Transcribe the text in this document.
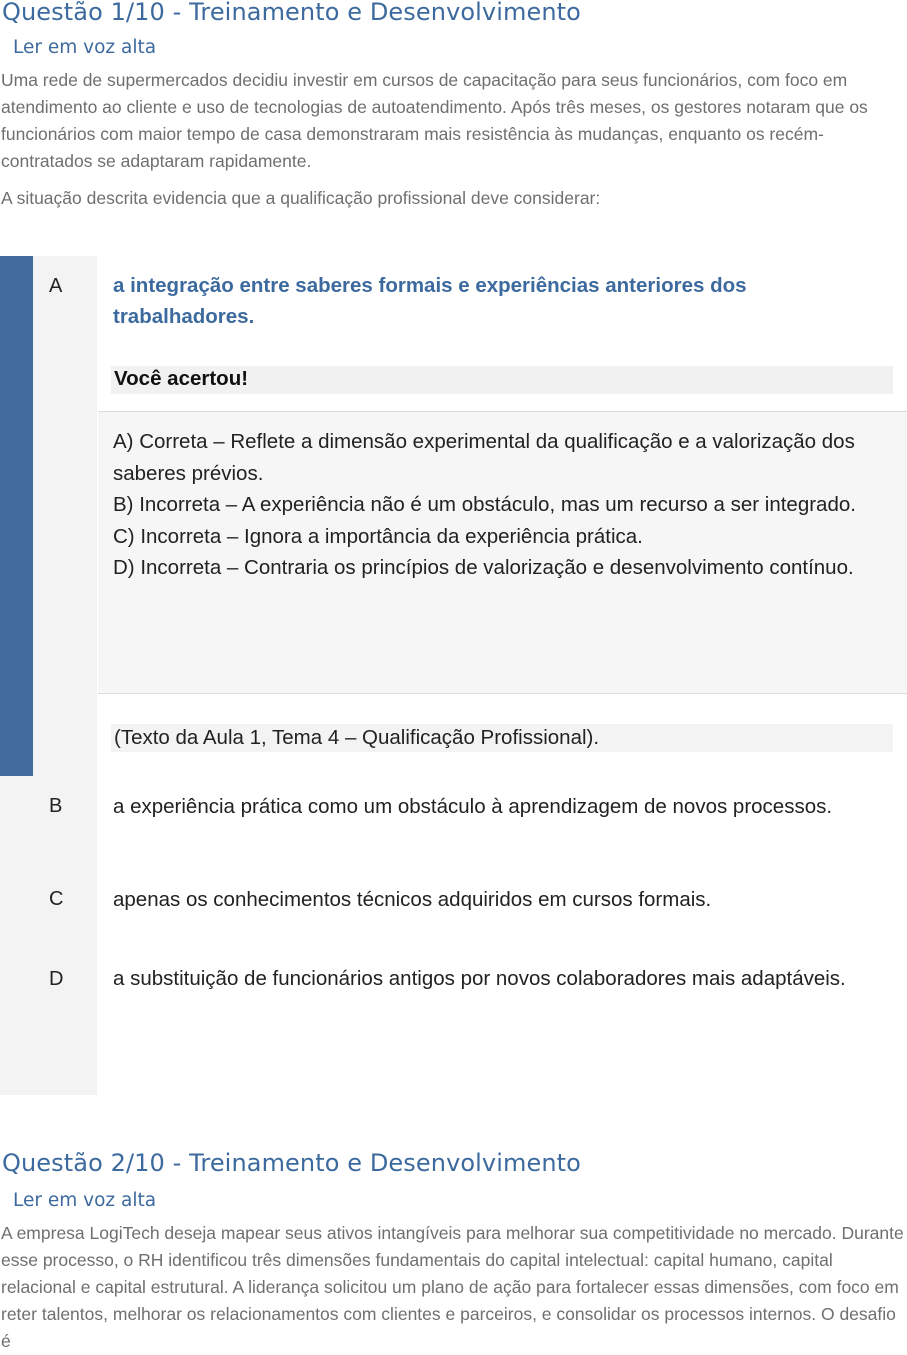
Questão 1/10 - Treinamento e Desenvolvimento
Ler em voz alta

Uma rede de supermercados decidiu investir em cursos de capacitação para seus funcionários, com foco em atendimento ao cliente e uso de tecnologias de autoatendimento. Após três meses, os gestores notaram que os funcionários com maior tempo de casa demonstraram mais resistência às mudanças, enquanto os recém-contratados se adaptaram rapidamente.

A situação descrita evidencia que a qualificação profissional deve considerar:
A a integração entre saberes formais e experiências anteriores dos trabalhadores.
Você acertou!
A) Correta – Reflete a dimensão experimental da qualificação e a valorização dos saberes prévios.
B) Incorreta – A experiência não é um obstáculo, mas um recurso a ser integrado.
C) Incorreta – Ignora a importância da experiência prática.
D) Incorreta – Contraria os princípios de valorização e desenvolvimento contínuo.
(Texto da Aula 1, Tema 4 – Qualificação Profissional).
B a experiência prática como um obstáculo à aprendizagem de novos processos.
C apenas os conhecimentos técnicos adquiridos em cursos formais.
D a substituição de funcionários antigos por novos colaboradores mais adaptáveis.
Questão 2/10 - Treinamento e Desenvolvimento
Ler em voz alta

A empresa LogiTech deseja mapear seus ativos intangíveis para melhorar sua competitividade no mercado. Durante esse processo, o RH identificou três dimensões fundamentais do capital intelectual: capital humano, capital relacional e capital estrutural. A liderança solicitou um plano de ação para fortalecer essas dimensões, com foco em reter talentos, melhorar os relacionamentos com clientes e parceiros, e consolidar os processos internos. O desafio é
